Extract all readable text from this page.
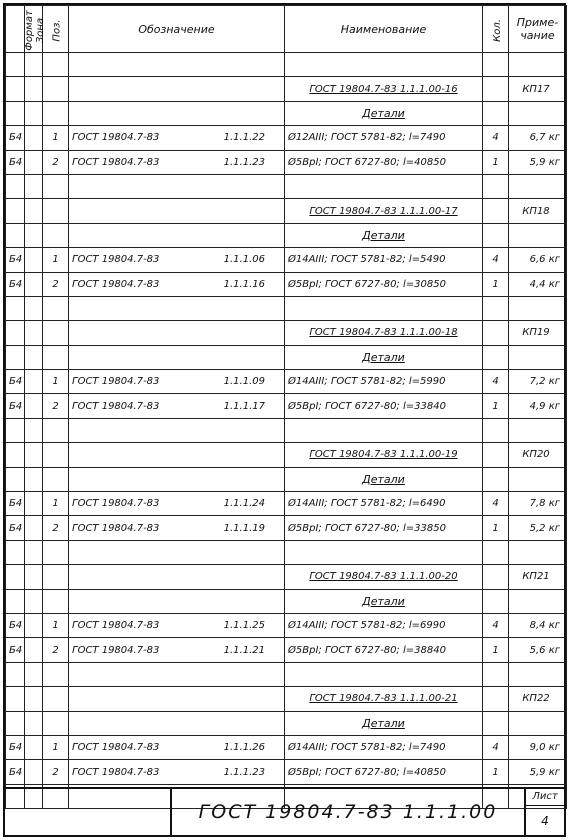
Формат	Зона	Поз.	Обозначение	Наименование	Кол.	Приме-
чание

				ГОСТ 19804.7-83 1.1.1.00-16		КП17
				Детали		
Б4		1	ГОСТ 19804.7-83 1.1.1.22	Ø12АIII; ГОСТ 5781-82; l=7490	4	6,7 кг
Б4		2	ГОСТ 19804.7-83 1.1.1.23	Ø5ВрI; ГОСТ 6727-80; l=40850	1	5,9 кг

				ГОСТ 19804.7-83 1.1.1.00-17		КП18
				Детали		
Б4		1	ГОСТ 19804.7-83 1.1.1.06	Ø14АIII; ГОСТ 5781-82; l=5490	4	6,6 кг
Б4		2	ГОСТ 19804.7-83 1.1.1.16	Ø5ВрI; ГОСТ 6727-80; l=30850	1	4,4 кг

				ГОСТ 19804.7-83 1.1.1.00-18		КП19
				Детали		
Б4		1	ГОСТ 19804.7-83 1.1.1.09	Ø14АIII; ГОСТ 5781-82; l=5990	4	7,2 кг
Б4		2	ГОСТ 19804.7-83 1.1.1.17	Ø5ВрI; ГОСТ 6727-80; l=33840	1	4,9 кг

				ГОСТ 19804.7-83 1.1.1.00-19		КП20
				Детали		
Б4		1	ГОСТ 19804.7-83 1.1.1.24	Ø14АIII; ГОСТ 5781-82; l=6490	4	7,8 кг
Б4		2	ГОСТ 19804.7-83 1.1.1.19	Ø5ВрI; ГОСТ 6727-80; l=33850	1	5,2 кг

				ГОСТ 19804.7-83 1.1.1.00-20		КП21
				Детали		
Б4		1	ГОСТ 19804.7-83 1.1.1.25	Ø14АIII; ГОСТ 5781-82; l=6990	4	8,4 кг
Б4		2	ГОСТ 19804.7-83 1.1.1.21	Ø5ВрI; ГОСТ 6727-80; l=38840	1	5,6 кг

				ГОСТ 19804.7-83 1.1.1.00-21		КП22
				Детали		
Б4		1	ГОСТ 19804.7-83 1.1.1.26	Ø14АIII; ГОСТ 5781-82; l=7490	4	9,0 кг
Б4		2	ГОСТ 19804.7-83 1.1.1.23	Ø5ВрI; ГОСТ 6727-80; l=40850	1	5,9 кг

ГОСТ 19804.7-83 1.1.1.00
Лист
4
